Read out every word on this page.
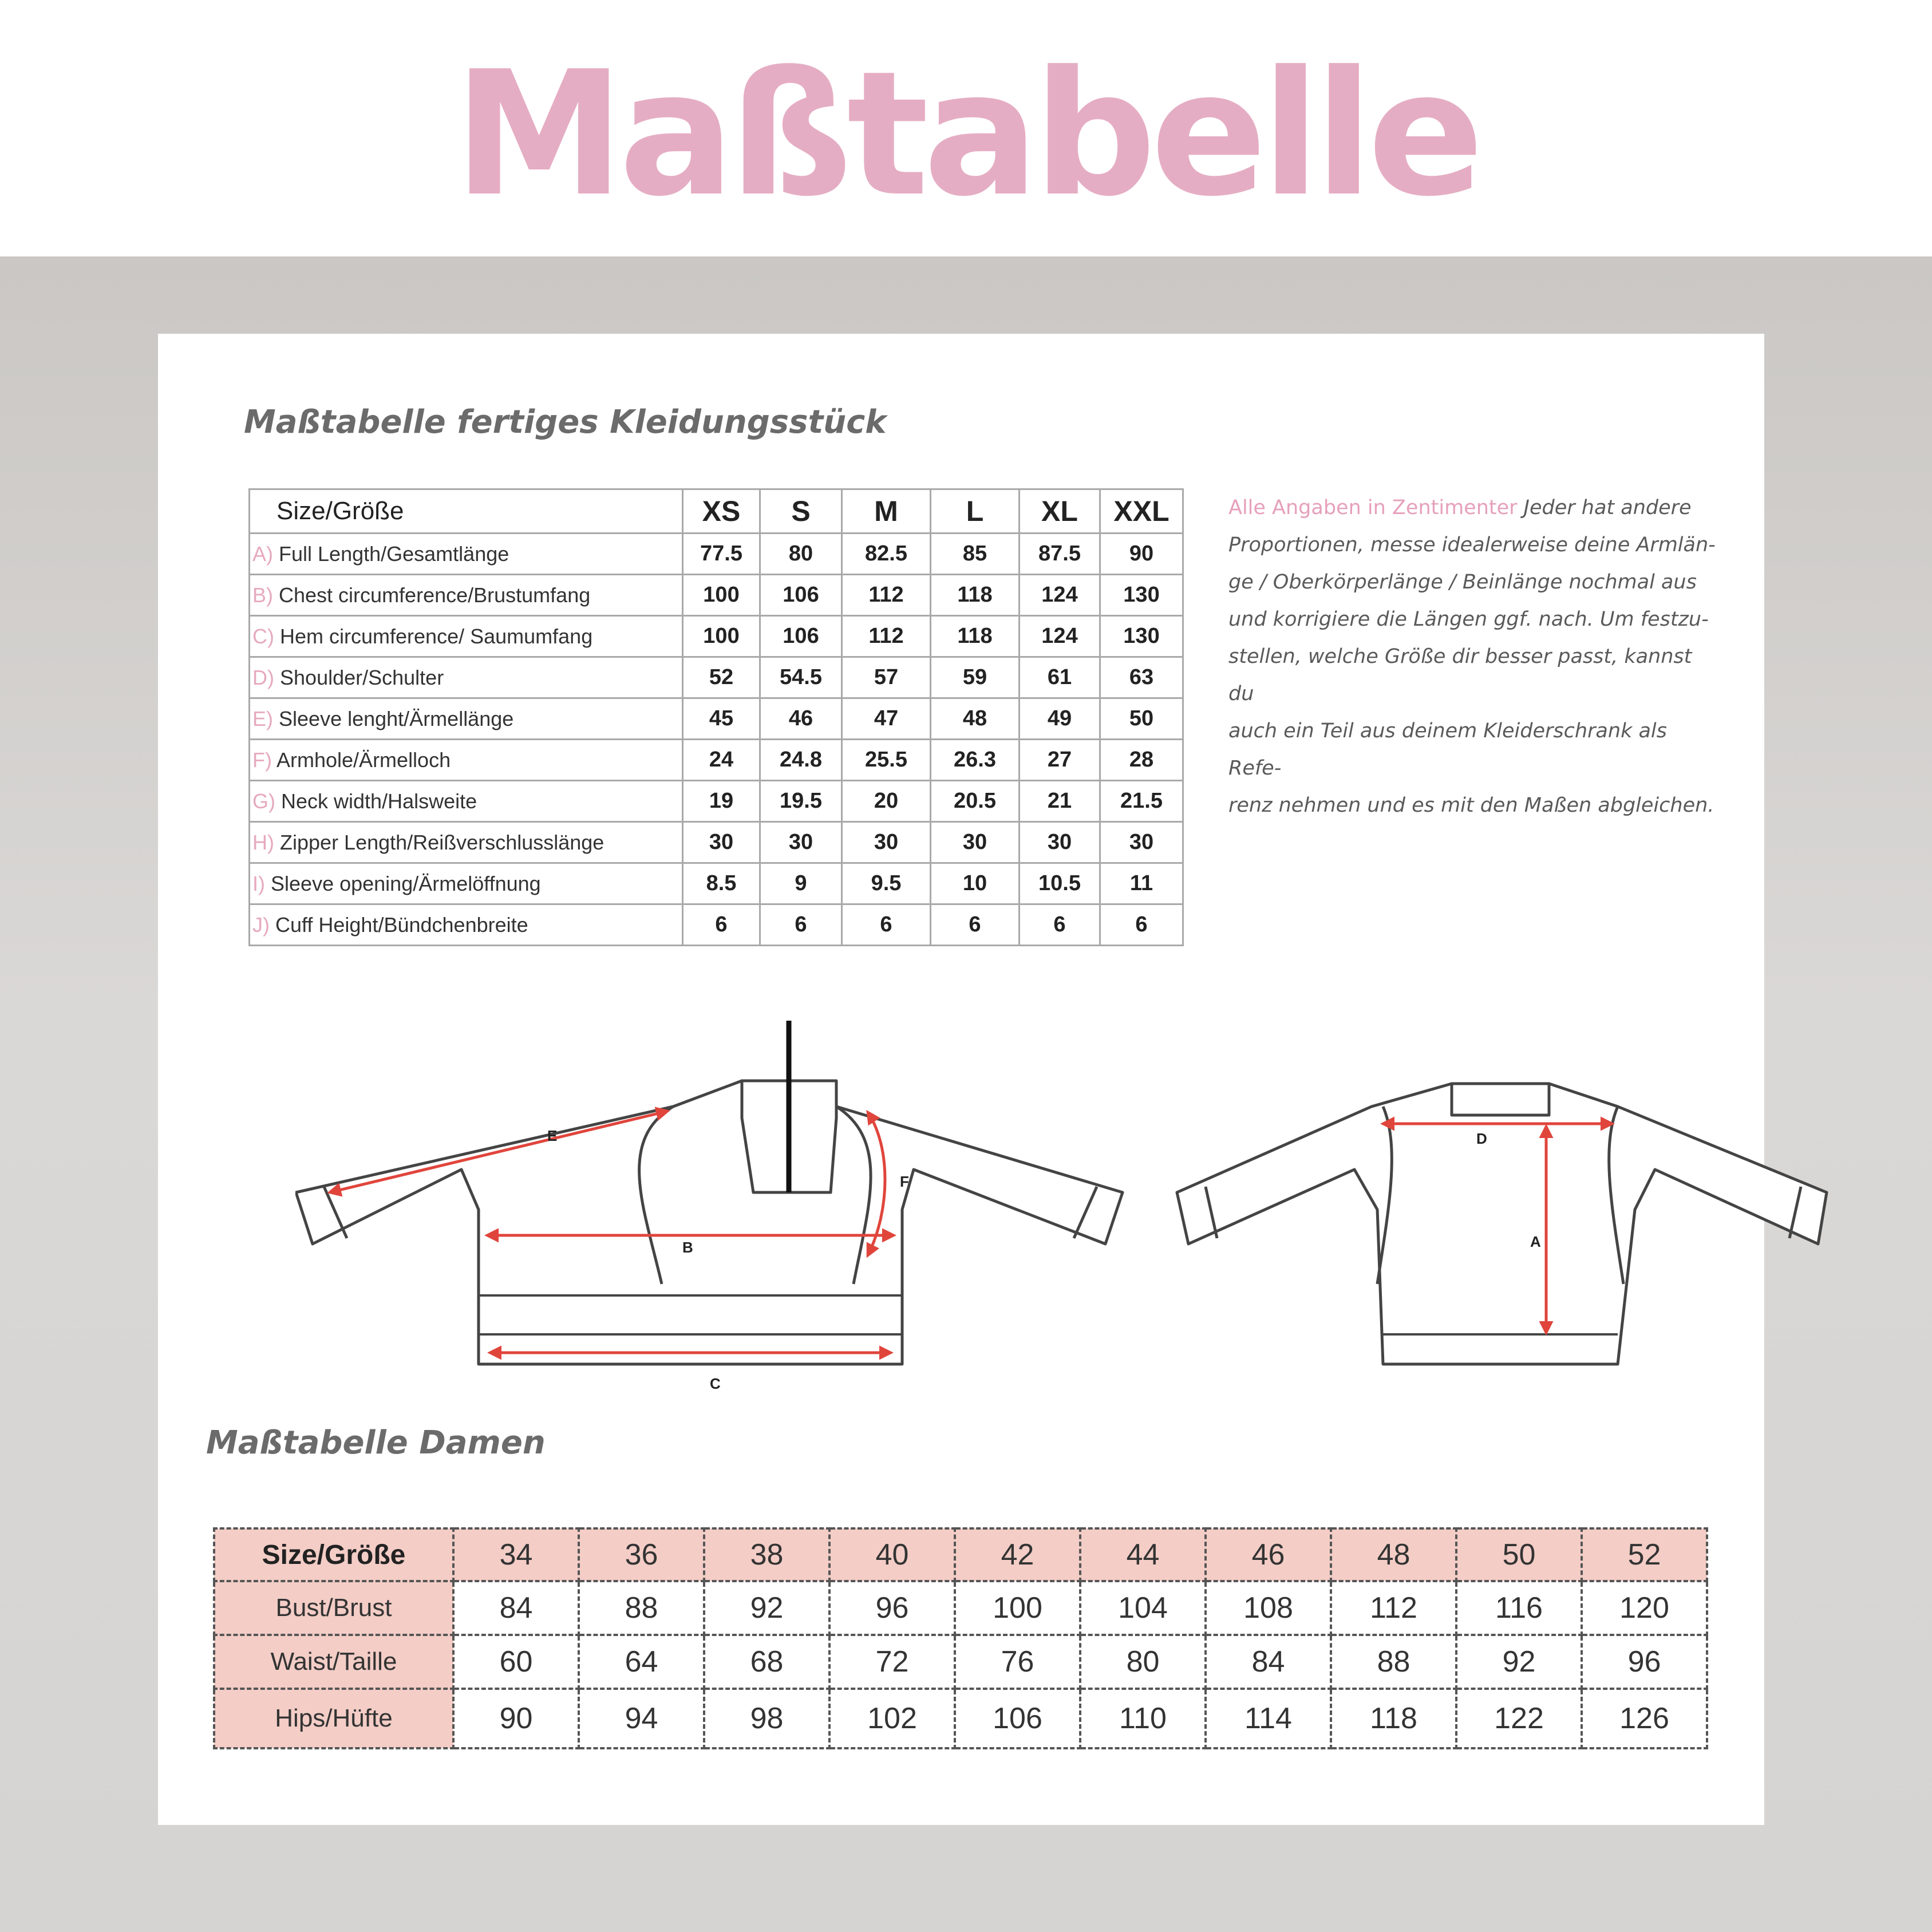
Maßtabelle
Maßtabelle fertiges Kleidungsstück
Size/Größe	XS	S	M	L	XL	XXL
A) Full Length/Gesamtlänge	77.5	80	82.5	85	87.5	90
B) Chest circumference/Brustumfang	100	106	112	118	124	130
C) Hem circumference/ Saumumfang	100	106	112	118	124	130
D) Shoulder/Schulter	52	54.5	57	59	61	63
E) Sleeve lenght/Ärmellänge	45	46	47	48	49	50
F) Armhole/Ärmelloch	24	24.8	25.5	26.3	27	28
G) Neck width/Halsweite	19	19.5	20	20.5	21	21.5
H) Zipper Length/Reißverschlusslänge	30	30	30	30	30	30
I) Sleeve opening/Ärmelöffnung	8.5	9	9.5	10	10.5	11
J) Cuff Height/Bündchenbreite	6	6	6	6	6	6
Alle Angaben in Zentimenter Jeder hat andere
Proportionen, messe idealerweise deine Armlän-
ge / Oberkörperlänge / Beinlänge nochmal aus
und korrigiere die Längen ggf. nach. Um festzu-
stellen, welche Größe dir besser passt, kannst du
auch ein Teil aus deinem Kleiderschrank als Refe-
renz nehmen und es mit den Maßen abgleichen.
E
B
C
F
D
A
Maßtabelle Damen
Size/Größe	34	36	38	40	42	44	46	48	50	52
Bust/Brust	84	88	92	96	100	104	108	112	116	120
Waist/Taille	60	64	68	72	76	80	84	88	92	96
Hips/Hüfte	90	94	98	102	106	110	114	118	122	126
